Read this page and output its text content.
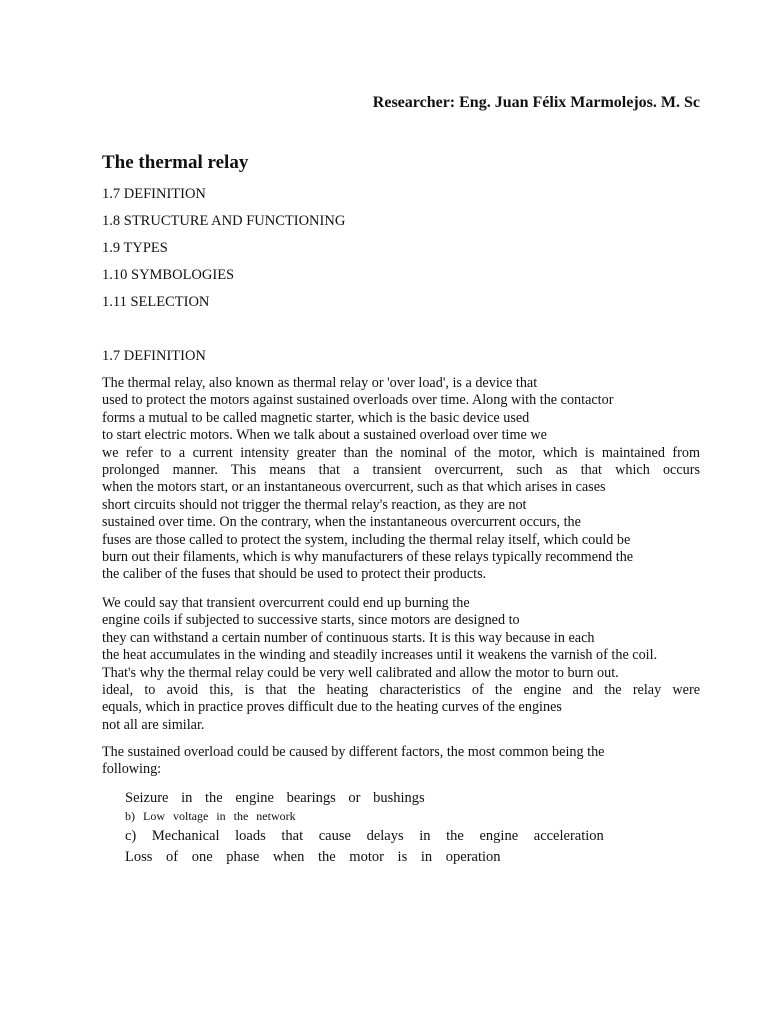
Researcher: Eng. Juan Félix Marmolejos. M. Sc
The thermal relay
1.7 DEFINITION
1.8 STRUCTURE AND FUNCTIONING
1.9 TYPES
1.10 SYMBOLOGIES
1.11 SELECTION
1.7 DEFINITION
The thermal relay, also known as thermal relay or 'over load', is a device that
used to protect the motors against sustained overloads over time. Along with the contactor
forms a mutual to be called magnetic starter, which is the basic device used
to start electric motors. When we talk about a sustained overload over time we
we refer to a current intensity greater than the nominal of the motor, which is maintained from
prolonged manner. This means that a transient overcurrent, such as that which occurs
when the motors start, or an instantaneous overcurrent, such as that which arises in cases
short circuits should not trigger the thermal relay's reaction, as they are not
sustained over time. On the contrary, when the instantaneous overcurrent occurs, the
fuses are those called to protect the system, including the thermal relay itself, which could be
burn out their filaments, which is why manufacturers of these relays typically recommend the
the caliber of the fuses that should be used to protect their products.
We could say that transient overcurrent could end up burning the
engine coils if subjected to successive starts, since motors are designed to
they can withstand a certain number of continuous starts. It is this way because in each
the heat accumulates in the winding and steadily increases until it weakens the varnish of the coil.
That's why the thermal relay could be very well calibrated and allow the motor to burn out.
ideal, to avoid this, is that the heating characteristics of the engine and the relay were
equals, which in practice proves difficult due to the heating curves of the engines
not all are similar.
The sustained overload could be caused by different factors, the most common being the
following:
Seizure in the engine bearings or bushings
b) Low voltage in the network
c) Mechanical loads that cause delays in the engine acceleration
Loss of one phase when the motor is in operation
